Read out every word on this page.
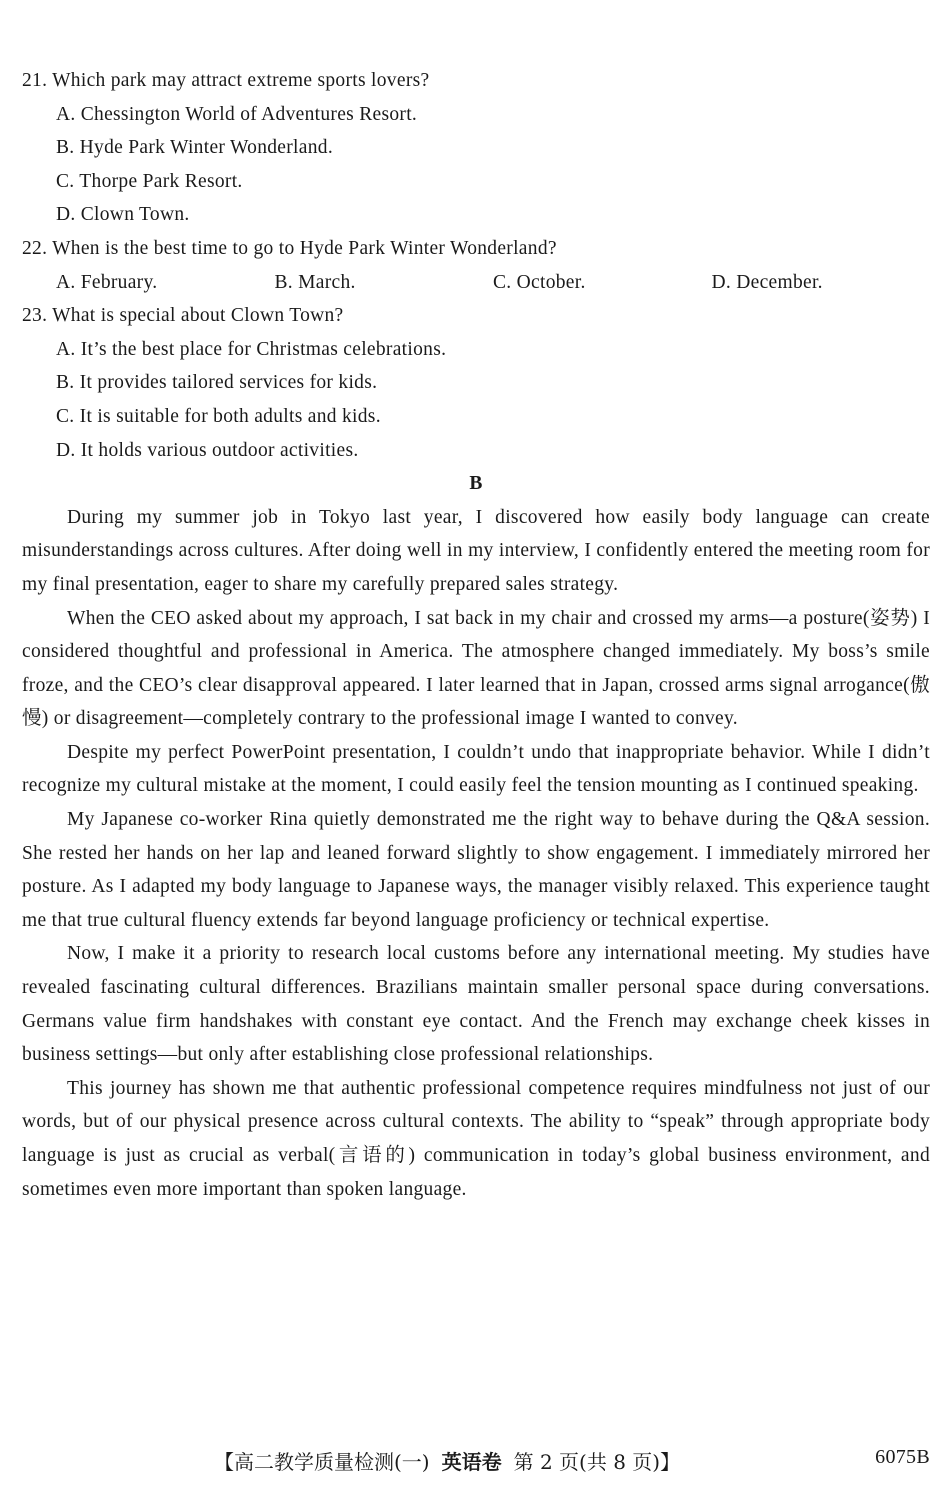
21. Which park may attract extreme sports lovers?
A. Chessington World of Adventures Resort.
B. Hyde Park Winter Wonderland.
C. Thorpe Park Resort.
D. Clown Town.
22. When is the best time to go to Hyde Park Winter Wonderland?
A. February.	B. March.	C. October.	D. December.
23. What is special about Clown Town?
A. It’s the best place for Christmas celebrations.
B. It provides tailored services for kids.
C. It is suitable for both adults and kids.
D. It holds various outdoor activities.
B

During my summer job in Tokyo last year, I discovered how easily body language can create misunderstandings across cultures. After doing well in my interview, I confidently entered the meeting room for my final presentation, eager to share my carefully prepared sales strategy.

When the CEO asked about my approach, I sat back in my chair and crossed my arms—a posture(姿势) I considered thoughtful and professional in America. The atmosphere changed immediately. My boss’s smile froze, and the CEO’s clear disapproval appeared. I later learned that in Japan, crossed arms signal arrogance(傲慢) or disagreement—completely contrary to the professional image I wanted to convey.

Despite my perfect PowerPoint presentation, I couldn’t undo that inappropriate behavior. While I didn’t recognize my cultural mistake at the moment, I could easily feel the tension mounting as I continued speaking.

My Japanese co-worker Rina quietly demonstrated me the right way to behave during the Q&A session. She rested her hands on her lap and leaned forward slightly to show engagement. I immediately mirrored her posture. As I adapted my body language to Japanese ways, the manager visibly relaxed. This experience taught me that true cultural fluency extends far beyond language proficiency or technical expertise.

Now, I make it a priority to research local customs before any international meeting. My studies have revealed fascinating cultural differences. Brazilians maintain smaller personal space during conversations. Germans value firm handshakes with constant eye contact. And the French may exchange cheek kisses in business settings—but only after establishing close professional relationships.

This journey has shown me that authentic professional competence requires mindfulness not just of our words, but of our physical presence across cultural contexts. The ability to “speak” through appropriate body language is just as crucial as verbal(言语的) communication in today’s global business environment, and sometimes even more important than spoken language.

【高二教学质量检测(一) 英语卷 第 2 页(共 8 页)】	6075B
